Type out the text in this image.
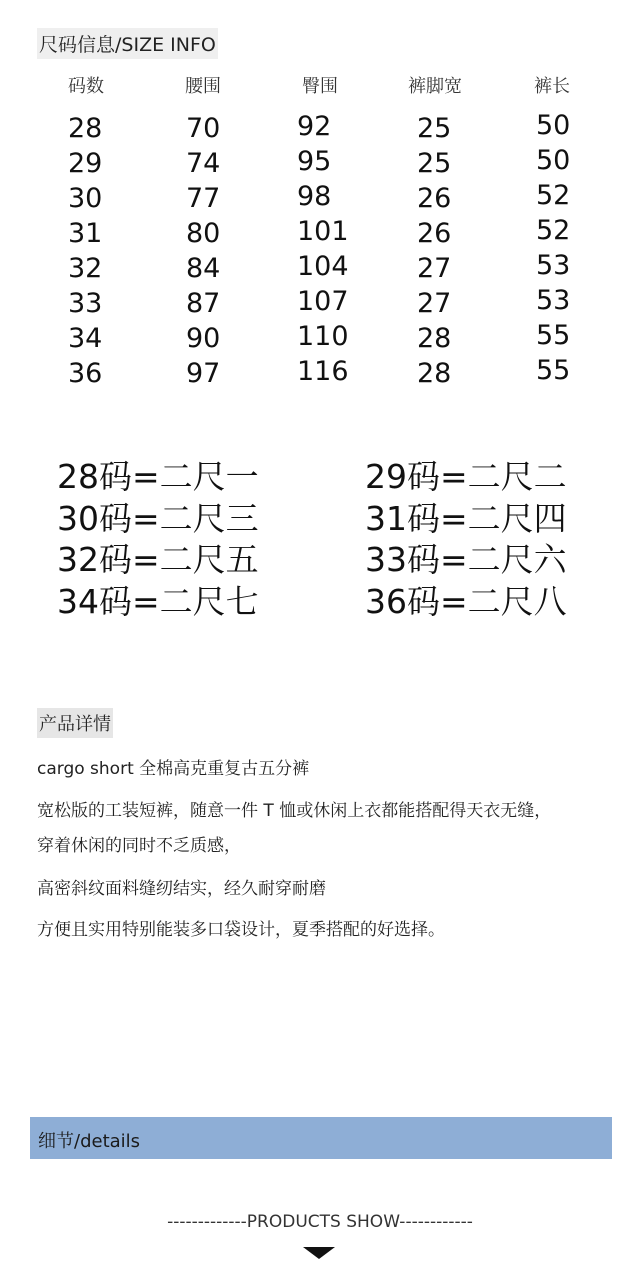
尺码信息/SIZE INFO
码数	腰围	臀围	裤脚宽	裤长
28	70	92	25	50
29	74	95	25	50
30	77	98	26	52
31	80	101	26	52
32	84	104	27	53
33	87	107	27	53
34	90	110	28	55
36	97	116	28	55
28码=二尺一	29码=二尺二
30码=二尺三	31码=二尺四
32码=二尺五	33码=二尺六
34码=二尺七	36码=二尺八
产品详情
cargo short 全棉高克重复古五分裤
宽松版的工装短裤，随意一件 T 恤或休闲上衣都能搭配得天衣无缝，
穿着休闲的同时不乏质感，
高密斜纹面料缝纫结实，经久耐穿耐磨
方便且实用特别能装多口袋设计，夏季搭配的好选择。
细节/details
-------------PRODUCTS SHOW------------
